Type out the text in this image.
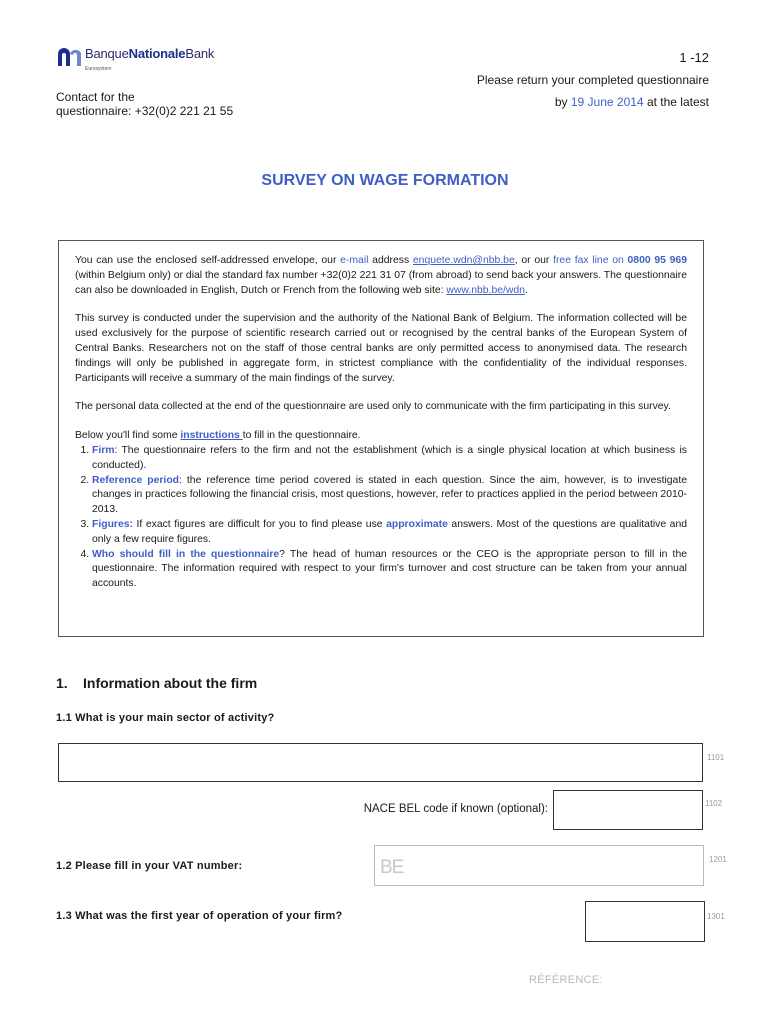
BanqueNationaleBank
Eurosystem
1 -12
Please return your completed questionnaire
by 19 June 2014 at the latest
Contact for the
questionnaire: +32(0)2 221 21 55
SURVEY ON WAGE FORMATION

You can use the enclosed self-addressed envelope, our e-mail address enquete.wdn@nbb.be, or our free fax line on 0800 95 969 (within Belgium only) or dial the standard fax number +32(0)2 221 31 07 (from abroad) to send back your answers. The questionnaire can also be downloaded in English, Dutch or French from the following web site: www.nbb.be/wdn.

This survey is conducted under the supervision and the authority of the National Bank of Belgium. The information collected will be used exclusively for the purpose of scientific research carried out or recognised by the central banks of the European System of Central Banks. Researchers not on the staff of those central banks are only permitted access to anonymised data. The research findings will only be published in aggregate form, in strictest compliance with the confidentiality of the individual responses. Participants will receive a summary of the main findings of the survey.

The personal data collected at the end of the questionnaire are used only to communicate with the firm participating in this survey.

Below you'll find some instructions to fill in the questionnaire.

1. Firm: The questionnaire refers to the firm and not the establishment (which is a single physical location at which business is conducted).
2. Reference period: the reference time period covered is stated in each question. Since the aim, however, is to investigate changes in practices following the financial crisis, most questions, however, refer to practices applied in the period between 2010-2013.
3. Figures: If exact figures are difficult for you to find please use approximate answers. Most of the questions are qualitative and only a few require figures.
4. Who should fill in the questionnaire? The head of human resources or the CEO is the appropriate person to fill in the questionnaire. The information required with respect to your firm's turnover and cost structure can be taken from your annual accounts.
1. Information about the firm
1.1 What is your main sector of activity?
1101
NACE BEL code if known (optional):	1102
1.2 Please fill in your VAT number:	BE	1201
1.3 What was the first year of operation of your firm?	1301
RÉFÉRENCE:
